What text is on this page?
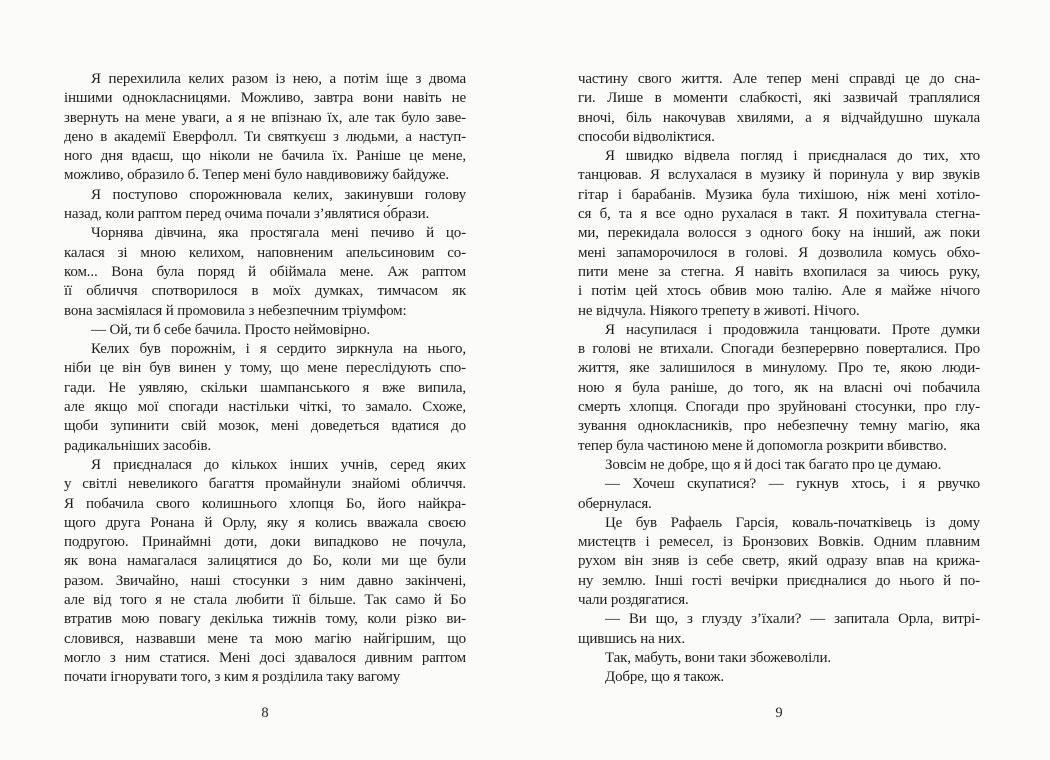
Я перехилила келих разом із нею, а потім іще з двома
іншими однокласницями. Можливо, завтра вони навіть не
звернуть на мене уваги, а я не впізнаю їх, але так було заве-
дено в академії Еверфолл. Ти святкуєш з людьми, а наступ-
ного дня вдаєш, що ніколи не бачила їх. Раніше це мене,
можливо, образило б. Тепер мені було навдивовижу байдуже.
Я поступово спорожнювала келих, закинувши голову
назад, коли раптом перед очима почали з’являтися о́брази.
Чорнява дівчина, яка простягала мені печиво й цо-
калася зі мною келихом, наповненим апельсиновим со-
ком... Вона була поряд й обіймала мене. Аж раптом
її обличчя спотворилося в моїх думках, тимчасом як
вона засміялася й промовила з небезпечним тріумфом:
— Ой, ти б себе бачила. Просто неймовірно.
Келих був порожнім, і я сердито зиркнула на нього,
ніби це він був винен у тому, що мене переслідують спо-
гади. Не уявляю, скільки шампанського я вже випила,
але якщо мої спогади настільки чіткі, то замало. Схоже,
щоби зупинити свій мозок, мені доведеться вдатися до
радикальніших засобів.
Я приєдналася до кількох інших учнів, серед яких
у світлі невеликого багаття промайнули знайомі обличчя.
Я побачила свого колишнього хлопця Бо, його найкра-
щого друга Ронана й Орлу, яку я колись вважала своєю
подругою. Принаймні доти, доки випадково не почула,
як вона намагалася залицятися до Бо, коли ми ще були
разом. Звичайно, наші стосунки з ним давно закінчені,
але від того я не стала любити її більше. Так само й Бо
втратив мою повагу декілька тижнів тому, коли різко ви-
словився, назвавши мене та мою магію найгіршим, що
могло з ним статися. Мені досі здавалося дивним раптом
почати ігнорувати того, з ким я розділила таку вагому
8
частину свого життя. Але тепер мені справді це до сна-
ги. Лише в моменти слабкості, які зазвичай траплялися
вночі, біль накочував хвилями, а я відчайдушно шукала
способи відволіктися.
Я швидко відвела погляд і приєдналася до тих, хто
танцював. Я вслухалася в музику й поринула у вир звуків
гітар і барабанів. Музика була тихішою, ніж мені хотіло-
ся б, та я все одно рухалася в такт. Я похитувала стегна-
ми, перекидала волосся з одного боку на інший, аж поки
мені запаморочилося в голові. Я дозволила комусь обхо-
пити мене за стегна. Я навіть вхопилася за чиюсь руку,
і потім цей хтось обвив мою талію. Але я майже нічого
не відчула. Ніякого трепету в животі. Нічого.
Я насупилася і продовжила танцювати. Проте думки
в голові не втихали. Спогади безперервно поверталися. Про
життя, яке залишилося в минулому. Про те, якою люди-
ною я була раніше, до того, як на власні очі побачила
смерть хлопця. Спогади про зруйновані стосунки, про глу-
зування однокласників, про небезпечну темну магію, яка
тепер була частиною мене й допомогла розкрити вбивство.
Зовсім не добре, що я й досі так багато про це думаю.
— Хочеш скупатися? — гукнув хтось, і я рвучко
обернулася.
Це був Рафаель Гарсія, коваль-початківець із дому
мистецтв і ремесел, із Бронзових Вовків. Одним плавним
рухом він зняв із себе светр, який одразу впав на крижа-
ну землю. Інші гості вечірки приєдналися до нього й по-
чали роздягатися.
— Ви що, з глузду з’їхали? — запитала Орла, витрі-
щившись на них.
Так, мабуть, вони таки збожеволіли.
Добре, що я також.
9
